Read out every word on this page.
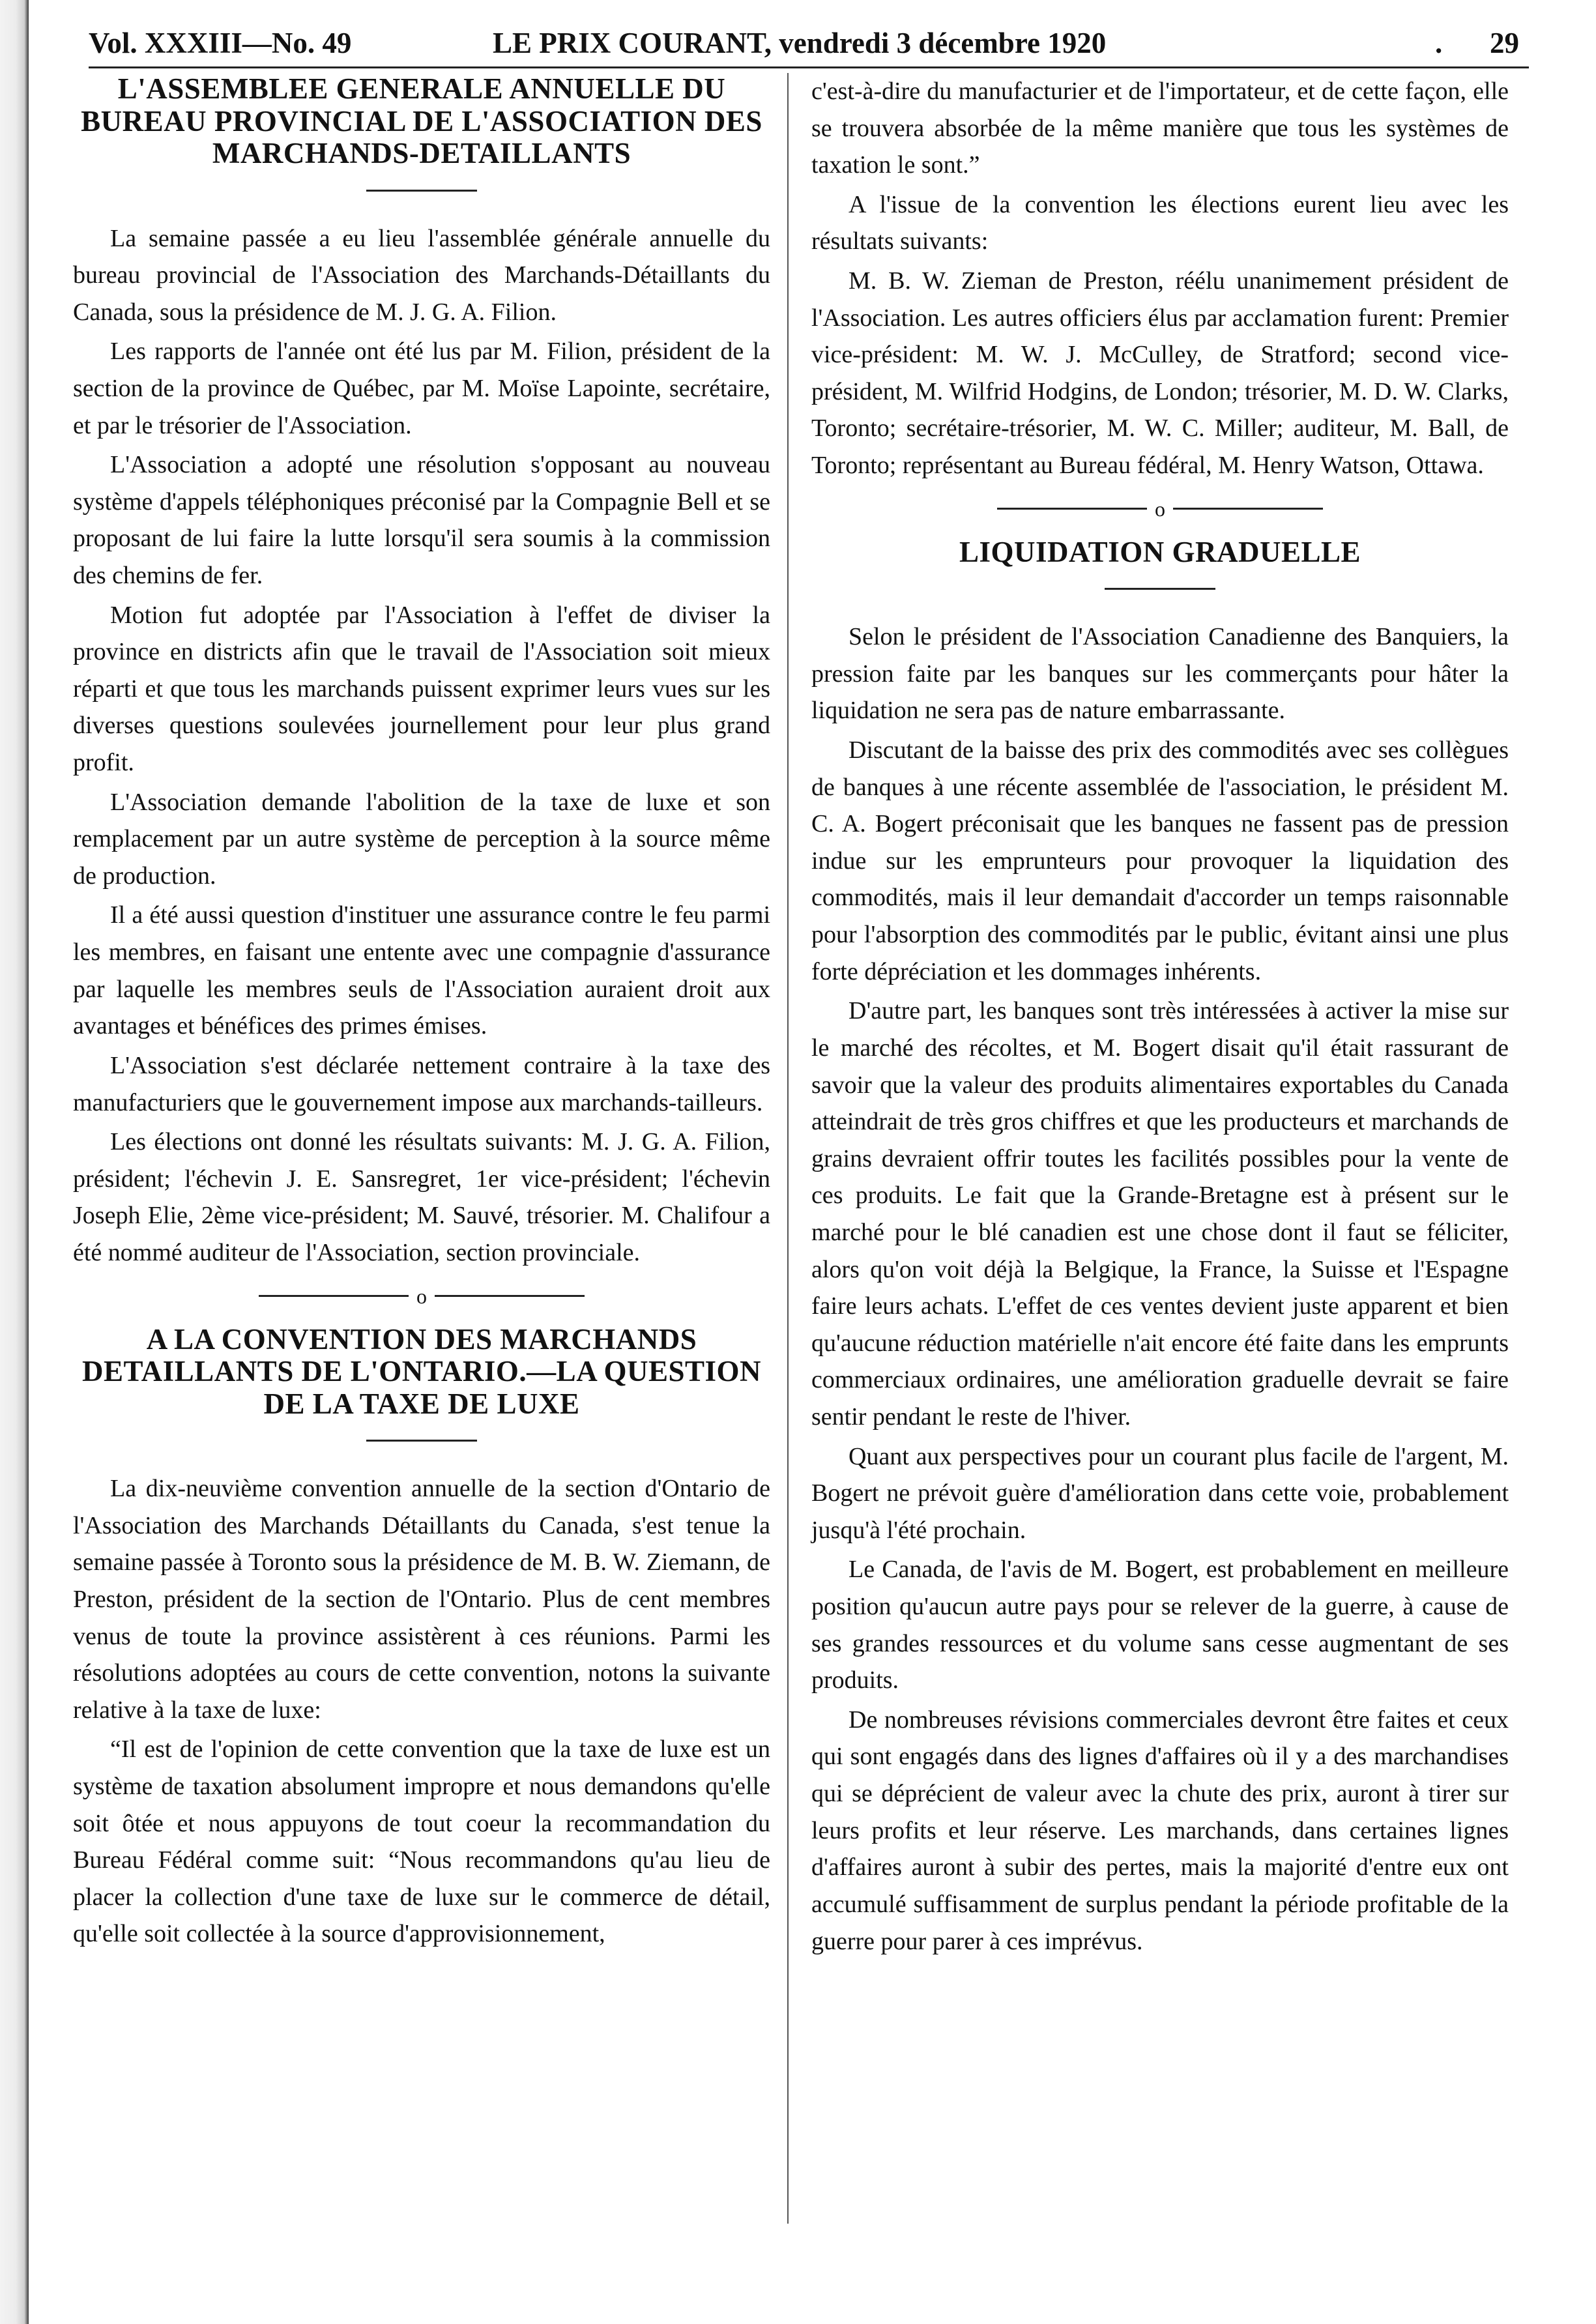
Vol. XXXIII—No. 49	LE PRIX COURANT, vendredi 3 décembre 1920	. 29
L'ASSEMBLEE GENERALE ANNUELLE DU BUREAU PROVINCIAL DE L'ASSOCIATION DES MARCHANDS-DETAILLANTS

La semaine passée a eu lieu l'assemblée générale annuelle du bureau provincial de l'Association des Marchands-Détaillants du Canada, sous la présidence de M. J. G. A. Filion.

Les rapports de l'année ont été lus par M. Filion, président de la section de la province de Québec, par M. Moïse Lapointe, secrétaire, et par le trésorier de l'Association.

L'Association a adopté une résolution s'opposant au nouveau système d'appels téléphoniques préconisé par la Compagnie Bell et se proposant de lui faire la lutte lorsqu'il sera soumis à la commission des chemins de fer.

Motion fut adoptée par l'Association à l'effet de diviser la province en districts afin que le travail de l'Association soit mieux réparti et que tous les marchands puissent exprimer leurs vues sur les diverses questions soulevées journellement pour leur plus grand profit.

L'Association demande l'abolition de la taxe de luxe et son remplacement par un autre système de perception à la source même de production.

Il a été aussi question d'instituer une assurance contre le feu parmi les membres, en faisant une entente avec une compagnie d'assurance par laquelle les membres seuls de l'Association auraient droit aux avantages et bénéfices des primes émises.

L'Association s'est déclarée nettement contraire à la taxe des manufacturiers que le gouvernement impose aux marchands-tailleurs.

Les élections ont donné les résultats suivants: M. J. G. A. Filion, président; l'échevin J. E. Sansregret, 1er vice-président; l'échevin Joseph Elie, 2ème vice-président; M. Sauvé, trésorier. M. Chalifour a été nommé auditeur de l'Association, section provinciale.

o
A LA CONVENTION DES MARCHANDS DETAILLANTS DE L'ONTARIO.—LA QUESTION DE LA TAXE DE LUXE

La dix-neuvième convention annuelle de la section d'Ontario de l'Association des Marchands Détaillants du Canada, s'est tenue la semaine passée à Toronto sous la présidence de M. B. W. Ziemann, de Preston, président de la section de l'Ontario. Plus de cent membres venus de toute la province assistèrent à ces réunions. Parmi les résolutions adoptées au cours de cette convention, notons la suivante relative à la taxe de luxe:

“Il est de l'opinion de cette convention que la taxe de luxe est un système de taxation absolument impropre et nous demandons qu'elle soit ôtée et nous appuyons de tout coeur la recommandation du Bureau Fédéral comme suit: “Nous recommandons qu'au lieu de placer la collection d'une taxe de luxe sur le commerce de détail, qu'elle soit collectée à la source d'approvisionnement,

c'est-à-dire du manufacturier et de l'importateur, et de cette façon, elle se trouvera absorbée de la même manière que tous les systèmes de taxation le sont.”

A l'issue de la convention les élections eurent lieu avec les résultats suivants:

M. B. W. Zieman de Preston, réélu unanimement président de l'Association. Les autres officiers élus par acclamation furent: Premier vice-président: M. W. J. McCulley, de Stratford; second vice-président, M. Wilfrid Hodgins, de London; trésorier, M. D. W. Clarks, Toronto; secrétaire-trésorier, M. W. C. Miller; auditeur, M. Ball, de Toronto; représentant au Bureau fédéral, M. Henry Watson, Ottawa.

o
LIQUIDATION GRADUELLE

Selon le président de l'Association Canadienne des Banquiers, la pression faite par les banques sur les commerçants pour hâter la liquidation ne sera pas de nature embarrassante.

Discutant de la baisse des prix des commodités avec ses collègues de banques à une récente assemblée de l'association, le président M. C. A. Bogert préconisait que les banques ne fassent pas de pression indue sur les emprunteurs pour provoquer la liquidation des commodités, mais il leur demandait d'accorder un temps raisonnable pour l'absorption des commodités par le public, évitant ainsi une plus forte dépréciation et les dommages inhérents.

D'autre part, les banques sont très intéressées à activer la mise sur le marché des récoltes, et M. Bogert disait qu'il était rassurant de savoir que la valeur des produits alimentaires exportables du Canada atteindrait de très gros chiffres et que les producteurs et marchands de grains devraient offrir toutes les facilités possibles pour la vente de ces produits. Le fait que la Grande-Bretagne est à présent sur le marché pour le blé canadien est une chose dont il faut se féliciter, alors qu'on voit déjà la Belgique, la France, la Suisse et l'Espagne faire leurs achats. L'effet de ces ventes devient juste apparent et bien qu'aucune réduction matérielle n'ait encore été faite dans les emprunts commerciaux ordinaires, une amélioration graduelle devrait se faire sentir pendant le reste de l'hiver.

Quant aux perspectives pour un courant plus facile de l'argent, M. Bogert ne prévoit guère d'amélioration dans cette voie, probablement jusqu'à l'été prochain.

Le Canada, de l'avis de M. Bogert, est probablement en meilleure position qu'aucun autre pays pour se relever de la guerre, à cause de ses grandes ressources et du volume sans cesse augmentant de ses produits.

De nombreuses révisions commerciales devront être faites et ceux qui sont engagés dans des lignes d'affaires où il y a des marchandises qui se déprécient de valeur avec la chute des prix, auront à tirer sur leurs profits et leur réserve. Les marchands, dans certaines lignes d'affaires auront à subir des pertes, mais la majorité d'entre eux ont accumulé suffisamment de surplus pendant la période profitable de la guerre pour parer à ces imprévus.
